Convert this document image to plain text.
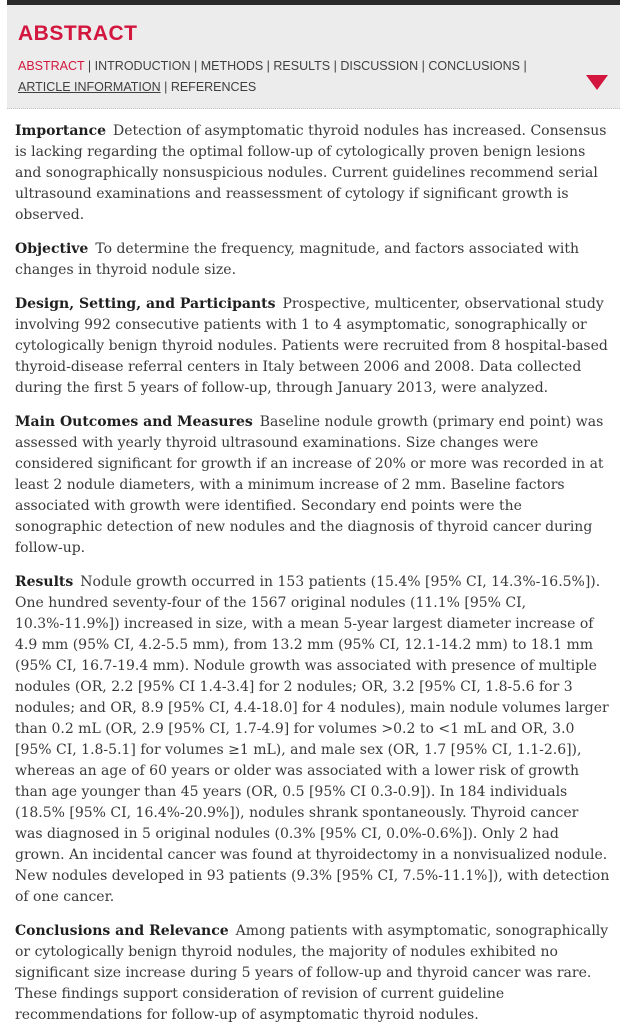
ABSTRACT
ABSTRACT | INTRODUCTION | METHODS | RESULTS | DISCUSSION | CONCLUSIONS | ARTICLE INFORMATION | REFERENCES

Importance Detection of asymptomatic thyroid nodules has increased. Consensus is lacking regarding the optimal follow-up of cytologically proven benign lesions and sonographically nonsuspicious nodules. Current guidelines recommend serial ultrasound examinations and reassessment of cytology if significant growth is observed.

Objective To determine the frequency, magnitude, and factors associated with changes in thyroid nodule size.

Design, Setting, and Participants Prospective, multicenter, observational study involving 992 consecutive patients with 1 to 4 asymptomatic, sonographically or cytologically benign thyroid nodules. Patients were recruited from 8 hospital-based thyroid-disease referral centers in Italy between 2006 and 2008. Data collected during the first 5 years of follow-up, through January 2013, were analyzed.

Main Outcomes and Measures Baseline nodule growth (primary end point) was assessed with yearly thyroid ultrasound examinations. Size changes were considered significant for growth if an increase of 20% or more was recorded in at least 2 nodule diameters, with a minimum increase of 2 mm. Baseline factors associated with growth were identified. Secondary end points were the sonographic detection of new nodules and the diagnosis of thyroid cancer during follow-up.

Results Nodule growth occurred in 153 patients (15.4% [95% CI, 14.3%-16.5%]). One hundred seventy-four of the 1567 original nodules (11.1% [95% CI, 10.3%-11.9%]) increased in size, with a mean 5-year largest diameter increase of 4.9 mm (95% CI, 4.2-5.5 mm), from 13.2 mm (95% CI, 12.1-14.2 mm) to 18.1 mm (95% CI, 16.7-19.4 mm). Nodule growth was associated with presence of multiple nodules (OR, 2.2 [95% CI 1.4-3.4] for 2 nodules; OR, 3.2 [95% CI, 1.8-5.6 for 3 nodules; and OR, 8.9 [95% CI, 4.4-18.0] for 4 nodules), main nodule volumes larger than 0.2 mL (OR, 2.9 [95% CI, 1.7-4.9] for volumes >0.2 to <1 mL and OR, 3.0 [95% CI, 1.8-5.1] for volumes ≥1 mL), and male sex (OR, 1.7 [95% CI, 1.1-2.6]), whereas an age of 60 years or older was associated with a lower risk of growth than age younger than 45 years (OR, 0.5 [95% CI 0.3-0.9]). In 184 individuals (18.5% [95% CI, 16.4%-20.9%]), nodules shrank spontaneously. Thyroid cancer was diagnosed in 5 original nodules (0.3% [95% CI, 0.0%-0.6%]). Only 2 had grown. An incidental cancer was found at thyroidectomy in a nonvisualized nodule. New nodules developed in 93 patients (9.3% [95% CI, 7.5%-11.1%]), with detection of one cancer.

Conclusions and Relevance Among patients with asymptomatic, sonographically or cytologically benign thyroid nodules, the majority of nodules exhibited no significant size increase during 5 years of follow-up and thyroid cancer was rare. These findings support consideration of revision of current guideline recommendations for follow-up of asymptomatic thyroid nodules.
